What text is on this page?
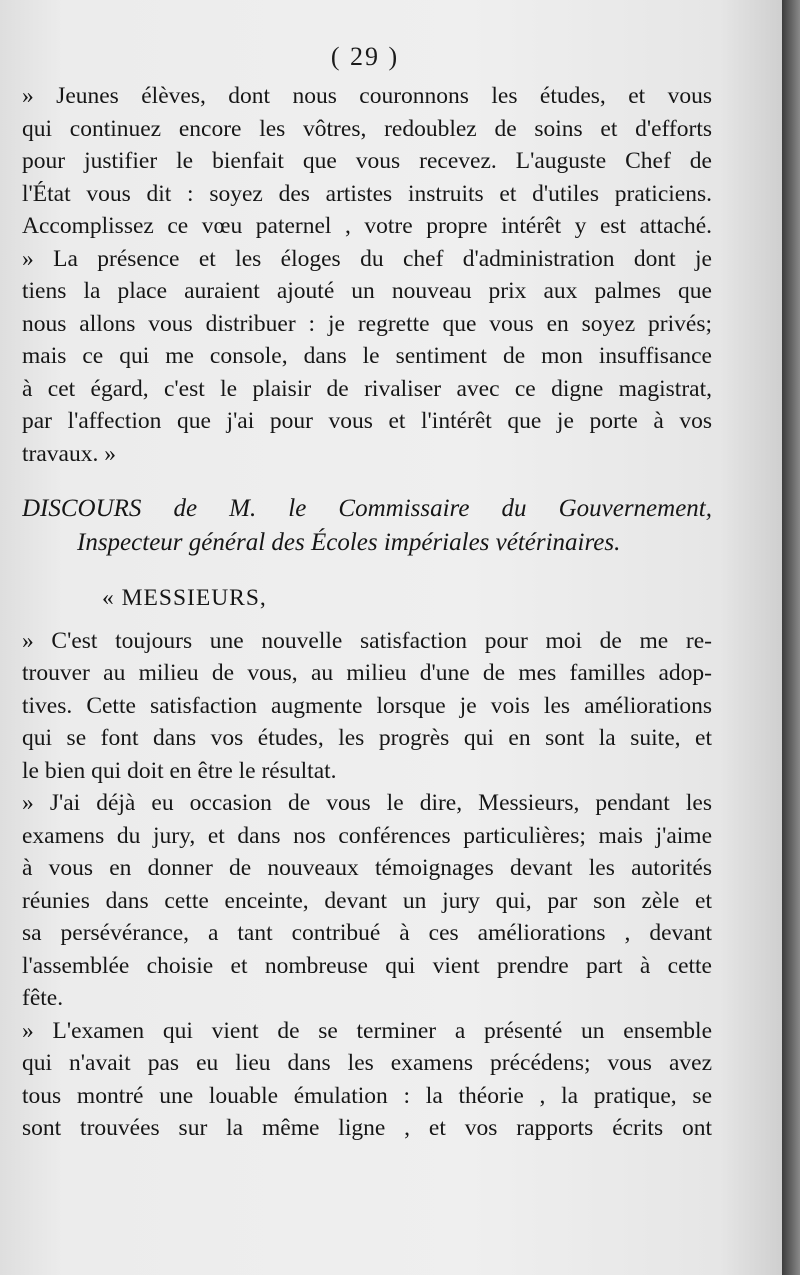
( 29 )
» Jeunes élèves, dont nous couronnons les études, et vous
qui continuez encore les vôtres, redoublez de soins et d'efforts
pour justifier le bienfait que vous recevez. L'auguste Chef de
l'État vous dit : soyez des artistes instruits et d'utiles praticiens.
Accomplissez ce vœu paternel , votre propre intérêt y est attaché.
» La présence et les éloges du chef d'administration dont je
tiens la place auraient ajouté un nouveau prix aux palmes que
nous allons vous distribuer : je regrette que vous en soyez privés;
mais ce qui me console, dans le sentiment de mon insuffisance
à cet égard, c'est le plaisir de rivaliser avec ce digne magistrat,
par l'affection que j'ai pour vous et l'intérêt que je porte à vos
travaux. »
DISCOURS de M. le Commissaire du Gouvernement,
Inspecteur général des Écoles impériales vétérinaires.
« MESSIEURS,
» C'est toujours une nouvelle satisfaction pour moi de me re-
trouver au milieu de vous, au milieu d'une de mes familles adop-
tives. Cette satisfaction augmente lorsque je vois les améliorations
qui se font dans vos études, les progrès qui en sont la suite, et
le bien qui doit en être le résultat.
» J'ai déjà eu occasion de vous le dire, Messieurs, pendant les
examens du jury, et dans nos conférences particulières; mais j'aime
à vous en donner de nouveaux témoignages devant les autorités
réunies dans cette enceinte, devant un jury qui, par son zèle et
sa persévérance, a tant contribué à ces améliorations , devant
l'assemblée choisie et nombreuse qui vient prendre part à cette
fête.
» L'examen qui vient de se terminer a présenté un ensemble
qui n'avait pas eu lieu dans les examens précédens; vous avez
tous montré une louable émulation : la théorie , la pratique, se
sont trouvées sur la même ligne , et vos rapports écrits ont
